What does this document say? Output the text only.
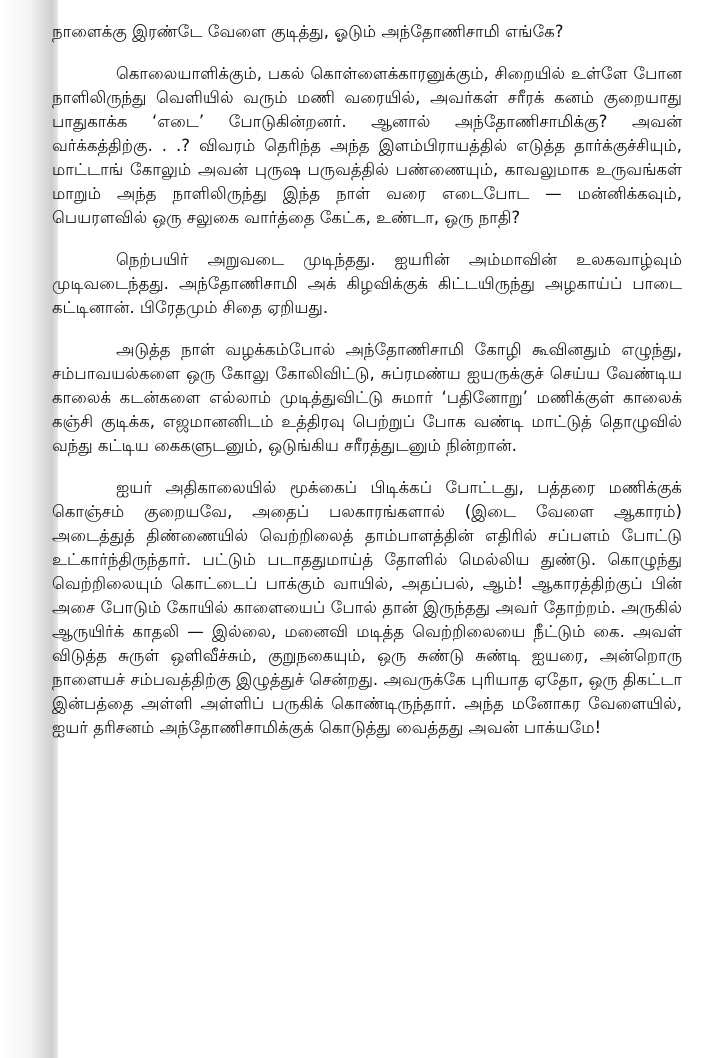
நாளைக்கு இரண்டே வேளை குடித்து, ஓடும் அந்தோணிசாமி எங்கே?

கொலையாளிக்கும், பகல் கொள்ளைக்காரனுக்கும், சிறையில் உள்ளே போன நாளிலிருந்து வெளியில் வரும் மணி வரையில், அவர்கள் சரீரக் கனம் குறையாது பாதுகாக்க ‘எடை’ போடுகின்றனர். ஆனால் அந்தோணிசாமிக்கு? அவன் வர்க்கத்திற்கு. . .? விவரம் தெரிந்த அந்த இளம்பிராயத்தில் எடுத்த தார்க்குச்சியும், மாட்டாங் கோலும் அவன் புருஷ பருவத்தில் பண்ணையும், காவலுமாக உருவங்கள் மாறும் அந்த நாளிலிருந்து இந்த நாள் வரை எடைபோட — மன்னிக்கவும், பெயரளவில் ஒரு சலுகை வார்த்தை கேட்க, உண்டா, ஒரு நாதி?

நெற்பயிர் அறுவடை முடிந்தது. ஐயரின் அம்மாவின் உலகவாழ்வும் முடிவடைந்தது. அந்தோணிசாமி அக் கிழவிக்குக் கிட்டயிருந்து அழகாய்ப் பாடை கட்டினான். பிரேதமும் சிதை ஏறியது.

அடுத்த நாள் வழக்கம்போல் அந்தோணிசாமி கோழி கூவினதும் எழுந்து, சம்பாவயல்களை ஒரு கோலு கோலிவிட்டு, சுப்ரமண்ய ஐயருக்குச் செய்ய வேண்டிய காலைக் கடன்களை எல்லாம் முடித்துவிட்டு சுமார் ‘பதினோறு’ மணிக்குள் காலைக் கஞ்சி குடிக்க, எஜமானனிடம் உத்திரவு பெற்றுப் போக வண்டி மாட்டுத் தொழுவில் வந்து கட்டிய கைகளுடனும், ஒடுங்கிய சரீரத்துடனும் நின்றான்.

ஐயர் அதிகாலையில் மூக்கைப் பிடிக்கப் போட்டது, பத்தரை மணிக்குக் கொஞ்சம் குறையவே, அதைப் பலகாரங்களால் (இடை வேளை ஆகாரம்) அடைத்துத் திண்ணையில் வெற்றிலைத் தாம்பாளத்தின் எதிரில் சப்பளம் போட்டு உட்கார்ந்திருந்தார். பட்டும் படாததுமாய்த் தோளில் மெல்லிய துண்டு. கொழுந்து வெற்றிலையும் கொட்டைப் பாக்கும் வாயில், அதப்பல், ஆம்! ஆகாரத்திற்குப் பின் அசை போடும் கோயில் காளையைப் போல் தான் இருந்தது அவர் தோற்றம். அருகில் ஆருயிர்க் காதலி — இல்லை, மனைவி மடித்த வெற்றிலையை நீட்டும் கை. அவள் விடுத்த சுருள் ஒளிவீச்சும், குறுநகையும், ஒரு சுண்டு சுண்டி ஐயரை, அன்றொரு நாளையச் சம்பவத்திற்கு இழுத்துச் சென்றது. அவருக்கே புரியாத ஏதோ, ஒரு திகட்டா இன்பத்தை அள்ளி அள்ளிப் பருகிக் கொண்டிருந்தார். அந்த மனோகர வேளையில், ஐயர் தரிசனம் அந்தோணிசாமிக்குக் கொடுத்து வைத்தது அவன் பாக்யமே!
